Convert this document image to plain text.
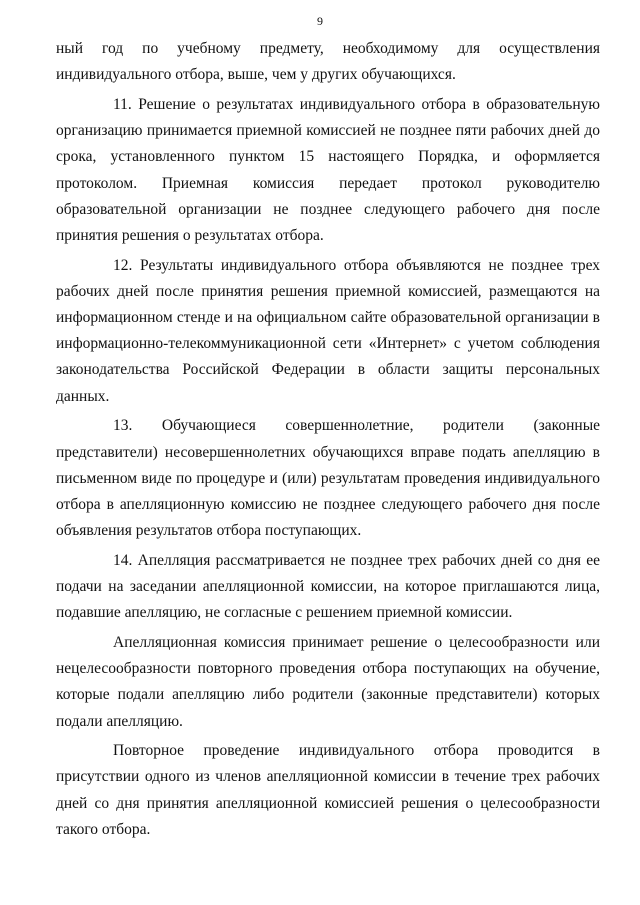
9

ный год по учебному предмету, необходимому для осуществления индивидуального отбора, выше, чем у других обучающихся.

11. Решение о результатах индивидуального отбора в образовательную организацию принимается приемной комиссией не позднее пяти рабочих дней до срока, установленного пунктом 15 настоящего Порядка, и оформляется протоколом. Приемная комиссия передает протокол руководителю образовательной организации не позднее следующего рабочего дня после принятия решения о результатах отбора.

12. Результаты индивидуального отбора объявляются не позднее трех рабочих дней после принятия решения приемной комиссией, размещаются на информационном стенде и на официальном сайте образовательной организации в информационно-телекоммуникационной сети «Интернет» с учетом соблюдения законодательства Российской Федерации в области защиты персональных данных.

13. Обучающиеся совершеннолетние, родители (законные представители) несовершеннолетних обучающихся вправе подать апелляцию в письменном виде по процедуре и (или) результатам проведения индивидуального отбора в апелляционную комиссию не позднее следующего рабочего дня после объявления результатов отбора поступающих.

14. Апелляция рассматривается не позднее трех рабочих дней со дня ее подачи на заседании апелляционной комиссии, на которое приглашаются лица, подавшие апелляцию, не согласные с решением приемной комиссии.

Апелляционная комиссия принимает решение о целесообразности или нецелесообразности повторного проведения отбора поступающих на обучение, которые подали апелляцию либо родители (законные представители) которых подали апелляцию.

Повторное проведение индивидуального отбора проводится в присутствии одного из членов апелляционной комиссии в течение трех рабочих дней со дня принятия апелляционной комиссией решения о целесообразности такого отбора.
